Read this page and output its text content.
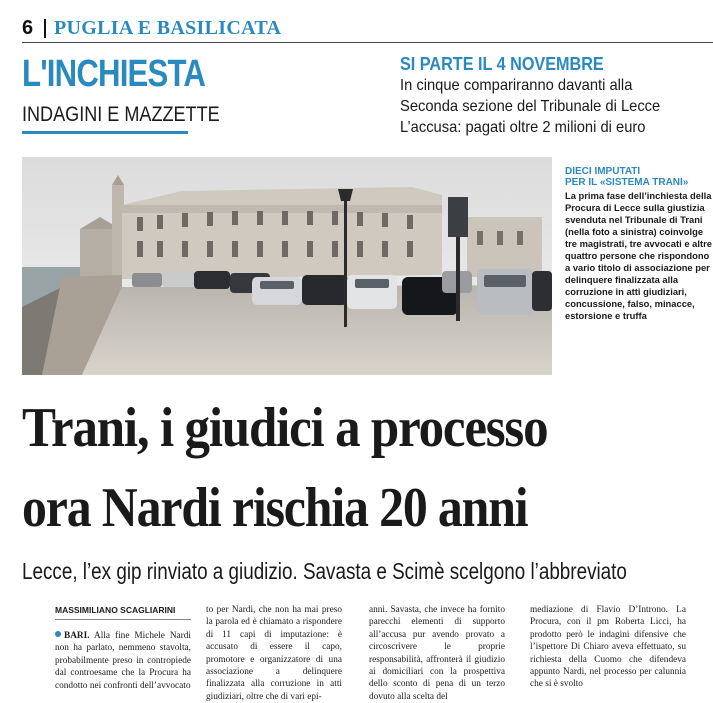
6 PUGLIA E BASILICATA
L'INCHIESTA
INDAGINI E MAZZETTE
SI PARTE IL 4 NOVEMBRE
In cinque compariranno davanti alla
Seconda sezione del Tribunale di Lecce
L’accusa: pagati oltre 2 milioni di euro
DIECI IMPUTATI
PER IL «SISTEMA TRANI»
La prima fase dell’inchiesta della Procura di Lecce sulla giustizia svenduta nel Tribunale di Trani (nella foto a sinistra) coinvolge tre magistrati, tre avvocati e altre quattro persone che rispondono a vario titolo di associazione per delinquere finalizzata alla corruzione in atti giudiziari, concussione, falso, minacce, estorsione e truffa
Trani, i giudici a processo
ora Nardi rischia 20 anni
Lecce, l’ex gip rinviato a giudizio. Savasta e Scimè scelgono l’abbreviato
MASSIMILIANO SCAGLIARINI

BARI. Alla fine Michele Nardi non ha parlato, nemmeno stavolta, probabilmente preso in contropiede dal controesame che la Procura ha condotto nei confronti dell’avvocato

to per Nardi, che non ha mai preso la parola ed è chiamato a rispondere di 11 capi di imputazione: è accusato di essere il capo, promotore e organizzatore di una associazione a delinquere finalizzata alla corruzione in atti giudiziari, oltre che di vari epi-

anni. Savasta, che invece ha fornito parecchi elementi di supporto all’accusa pur avendo provato a circoscrivere le proprie responsabilità, affronterà il giudizio ai domiciliari con la prospettiva dello sconto di pena di un terzo dovuto alla scelta del

mediazione di Flavio D’Introno. La Procura, con il pm Roberta Licci, ha prodotto però le indagini difensive che l’ispettore Di Chiaro aveva effettuato, su richiesta della Cuomo che difendeva appunto Nardi, nel processo per calunnia che si è svolto
